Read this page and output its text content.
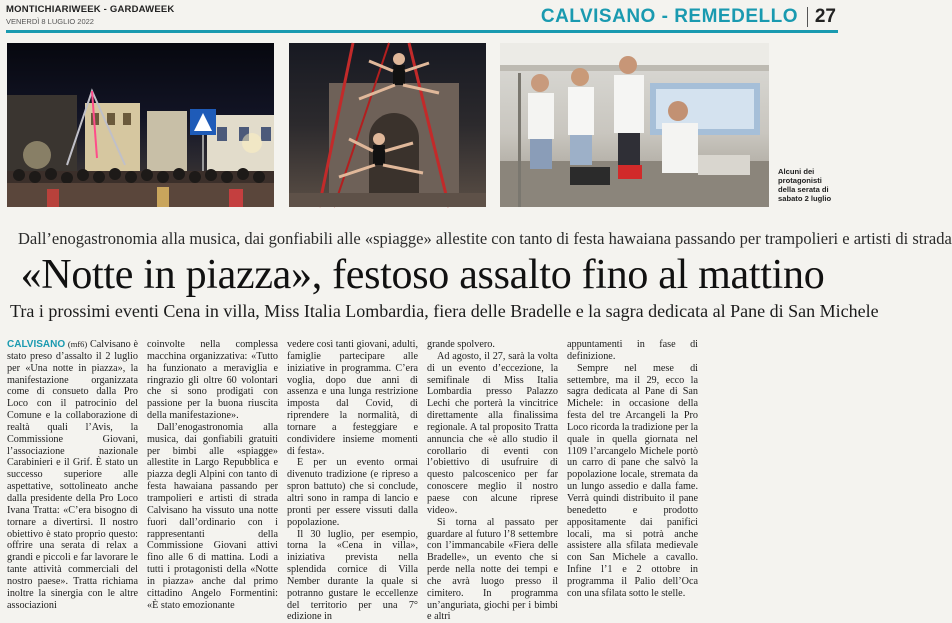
MONTICHIARIWEEK - GARDAWEEK
VENERDÌ 8 LUGLIO 2022	CALVISANO - REMEDELLO 27
Alcuni dei protagonisti della serata di sabato 2 luglio
Dall’enogastronomia alla musica, dai gonfiabili alle «spiagge» allestite con tanto di festa hawaiana passando per trampolieri e artisti di strada
«Notte in piazza», festoso assalto fino al mattino
Tra i prossimi eventi Cena in villa, Miss Italia Lombardia, fiera delle Bradelle e la sagra dedicata al Pane di San Michele

CALVISANO (mf6) Calvisano è stato preso d’assalto il 2 luglio per «Una notte in piazza», la manifestazione organizzata come di consueto dalla Pro Loco con il patrocinio del Comune e la collaborazione di realtà quali l’Avis, la Commissione Giovani, l’associazione nazionale Carabinieri e il Grif. È stato un successo superiore alle aspettative, sottolineato anche dalla presidente della Pro Loco Ivana Tratta: «C’era bisogno di tornare a divertirsi. Il nostro obiettivo è stato proprio questo: offrire una serata di relax a grandi e piccoli e far lavorare le tante attività commerciali del nostro paese». Tratta richiama inoltre la sinergia con le altre associazioni

coinvolte nella complessa macchina organizzativa: «Tutto ha funzionato a meraviglia e ringrazio gli oltre 60 volontari che si sono prodigati con passione per la buona riuscita della manifestazione».

Dall’enogastronomia alla musica, dai gonfiabili gratuiti per bimbi alle «spiagge» allestite in Largo Repubblica e piazza degli Alpini con tanto di festa hawaiana passando per trampolieri e artisti di strada Calvisano ha vissuto una notte fuori dall’ordinario con i rappresentanti della Commissione Giovani attivi fino alle 6 di mattina. Lodi a tutti i protagonisti della «Notte in piazza» anche dal primo cittadino Angelo Formentini: «È stato emozionante

vedere così tanti giovani, adulti, famiglie partecipare alle iniziative in programma. C’era voglia, dopo due anni di assenza e una lunga restrizione imposta dal Covid, di riprendere la normalità, di tornare a festeggiare e condividere insieme momenti di festa».

E per un evento ormai divenuto tradizione (e ripreso a spron battuto) che si conclude, altri sono in rampa di lancio e pronti per essere vissuti dalla popolazione.

Il 30 luglio, per esempio, torna la «Cena in villa», iniziativa prevista nella splendida cornice di Villa Nember durante la quale si potranno gustare le eccellenze del territorio per una 7° edizione in

grande spolvero.

Ad agosto, il 27, sarà la volta di un evento d’eccezione, la semifinale di Miss Italia Lombardia presso Palazzo Lechi che porterà la vincitrice direttamente alla finalissima regionale. A tal proposito Tratta annuncia che «è allo studio il corollario di eventi con l’obiettivo di usufruire di questo palcoscenico per far conoscere meglio il nostro paese con alcune riprese video».

Si torna al passato per guardare al futuro l’8 settembre con l’immancabile «Fiera delle Bradelle», un evento che si perde nella notte dei tempi e che avrà luogo presso il cimitero. In programma un’anguriata, giochi per i bimbi e altri

appuntamenti in fase di definizione.

Sempre nel mese di settembre, ma il 29, ecco la sagra dedicata al Pane di San Michele: in occasione della festa del tre Arcangeli la Pro Loco ricorda la tradizione per la quale in quella giornata nel 1109 l’arcangelo Michele portò un carro di pane che salvò la popolazione locale, stremata da un lungo assedio e dalla fame. Verrà quindi distribuito il pane benedetto e prodotto appositamente dai panifici locali, ma si potrà anche assistere alla sfilata medievale con San Michele a cavallo. Infine l’1 e 2 ottobre in programma il Palio dell’Oca con una sfilata sotto le stelle.
